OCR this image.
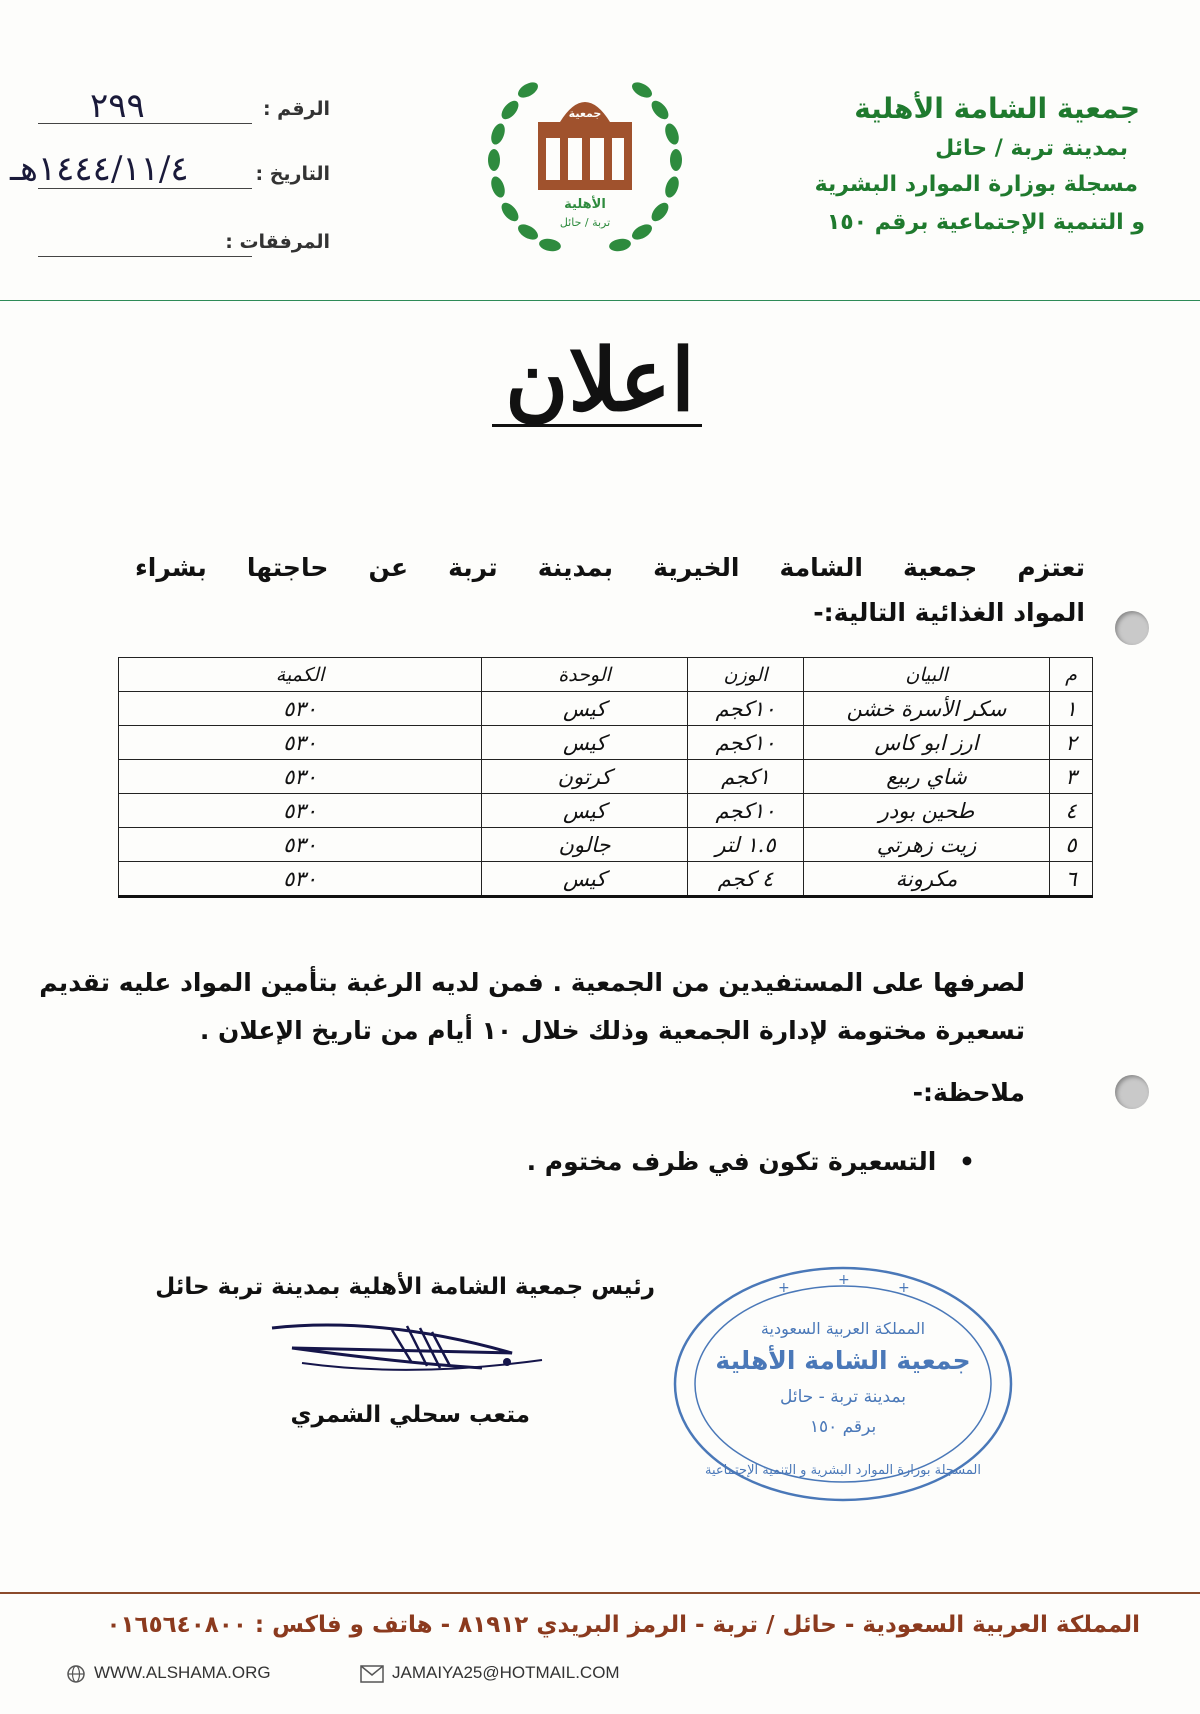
الرقم :
٢٩٩
التاريخ :
١٤٤٤/١١/٤هـ
المرفقات :
جمعية
الأهلية
تربة / حائل
جمعية الشامة الأهلية
بمدينة تربة / حائل
مسجلة بوزارة الموارد البشرية
و التنمية الإجتماعية برقم ١٥٠
اعلان
تعتزم جمعية الشامة الخيرية بمدينة تربة عن حاجتها بشراء
المواد الغذائية التالية:-
م	البيان	الوزن	الوحدة	الكمية
١	سكر الأسرة خشن	١٠كجم	كيس	٥٣٠
٢	ارز ابو كاس	١٠كجم	كيس	٥٣٠
٣	شاي ربيع	١كجم	كرتون	٥٣٠
٤	طحين بودر	١٠كجم	كيس	٥٣٠
٥	زيت زهرتي	١.٥ لتر	جالون	٥٣٠
٦	مكرونة	٤ كجم	كيس	٥٣٠
لصرفها على المستفيدين من الجمعية . فمن لديه الرغبة بتأمين المواد عليه تقديم
تسعيرة مختومة لإدارة الجمعية وذلك خلال ١٠ أيام من تاريخ الإعلان .
ملاحظة:-
• التسعيرة تكون في ظرف مختوم .
رئيس جمعية الشامة الأهلية بمدينة تربة حائل
متعب سحلي الشمري
+	+	+
المملكة العربية السعودية
جمعية الشامة الأهلية
بمدينة تربة - حائل
برقم ١٥٠
المسجلة بوزارة الموارد البشرية و التنمية الإجتماعية
المملكة العربية السعودية - حائل / تربة - الرمز البريدي ٨١٩١٢ - هاتف و فاكس : ٠١٦٥٦٤٠٨٠٠
WWW.ALSHAMA.ORG	JAMAIYA25@HOTMAIL.COM
